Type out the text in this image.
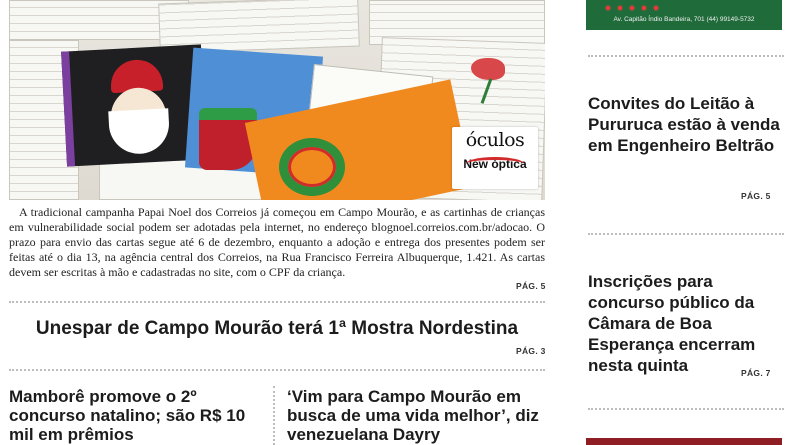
óculos
New óptica

A tradicional campanha Papai Noel dos Correios já começou em Campo Mourão, e as cartinhas de crianças em vulnerabilidade social podem ser adotadas pela internet, no endereço blognoel.correios.com.br/adocao. O prazo para envio das cartas segue até 6 de dezembro, enquanto a adoção e entrega dos presentes podem ser feitas até o dia 13, na agência central dos Correios, na Rua Francisco Ferreira Albuquerque, 1.421. As cartas devem ser escritas à mão e cadastradas no site, com o CPF da criança.

PÁG. 5
Unespar de Campo Mourão terá 1ª Mostra Nordestina
PÁG. 3
Mamborê promove o 2º concurso natalino; são R$ 10 mil em prêmios
‘Vim para Campo Mourão em busca de uma vida melhor’, diz venezuelana Dayry
Av. Capitão Índio Bandeira, 701 (44) 99149-5732
Convites do Leitão à Pururuca estão à venda em Engenheiro Beltrão
PÁG. 5
Inscrições para concurso público da Câmara de Boa Esperança encerram nesta quinta	PÁG. 7
